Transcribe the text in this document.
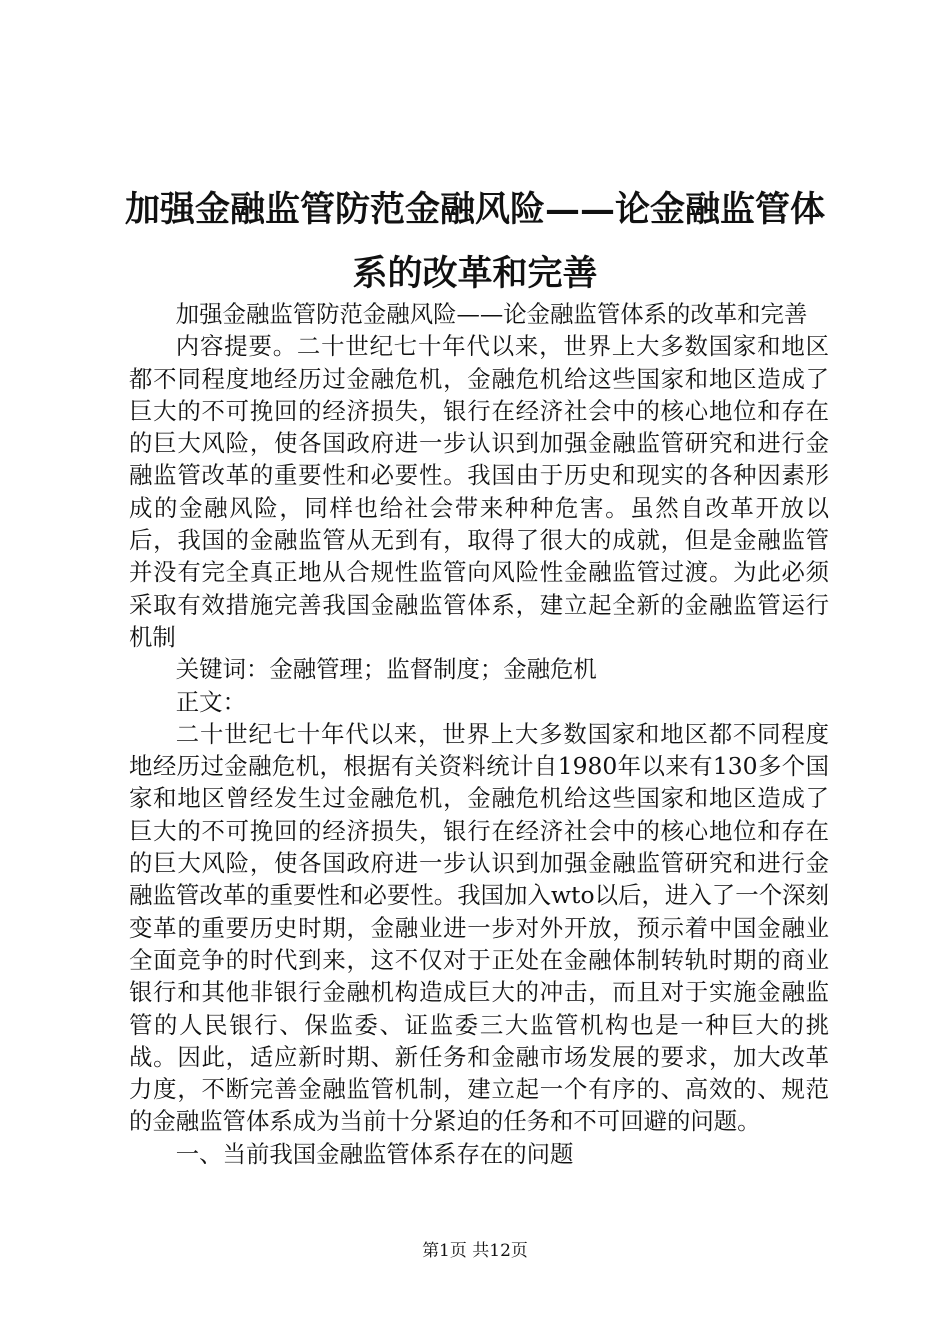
加强金融监管防范金融风险——论金融监管体系的改革和完善

加强金融监管防范金融风险——论金融监管体系的改革和完善

内容提要。二十世纪七十年代以来，世界上大多数国家和地区都不同程度地经历过金融危机，金融危机给这些国家和地区造成了巨大的不可挽回的经济损失，银行在经济社会中的核心地位和存在的巨大风险，使各国政府进一步认识到加强金融监管研究和进行金融监管改革的重要性和必要性。我国由于历史和现实的各种因素形成的金融风险，同样也给社会带来种种危害。虽然自改革开放以后，我国的金融监管从无到有，取得了很大的成就，但是金融监管并没有完全真正地从合规性监管向风险性金融监管过渡。为此必须采取有效措施完善我国金融监管体系，建立起全新的金融监管运行机制

关键词：金融管理；监督制度；金融危机

正文：

二十世纪七十年代以来，世界上大多数国家和地区都不同程度地经历过金融危机，根据有关资料统计自1980年以来有130多个国家和地区曾经发生过金融危机，金融危机给这些国家和地区造成了巨大的不可挽回的经济损失，银行在经济社会中的核心地位和存在的巨大风险，使各国政府进一步认识到加强金融监管研究和进行金融监管改革的重要性和必要性。我国加入wto以后，进入了一个深刻变革的重要历史时期，金融业进一步对外开放，预示着中国金融业全面竞争的时代到来，这不仅对于正处在金融体制转轨时期的商业银行和其他非银行金融机构造成巨大的冲击，而且对于实施金融监管的人民银行、保监委、证监委三大监管机构也是一种巨大的挑战。因此，适应新时期、新任务和金融市场发展的要求，加大改革力度，不断完善金融监管机制，建立起一个有序的、高效的、规范的金融监管体系成为当前十分紧迫的任务和不可回避的问题。

一、当前我国金融监管体系存在的问题

第1页 共12页
